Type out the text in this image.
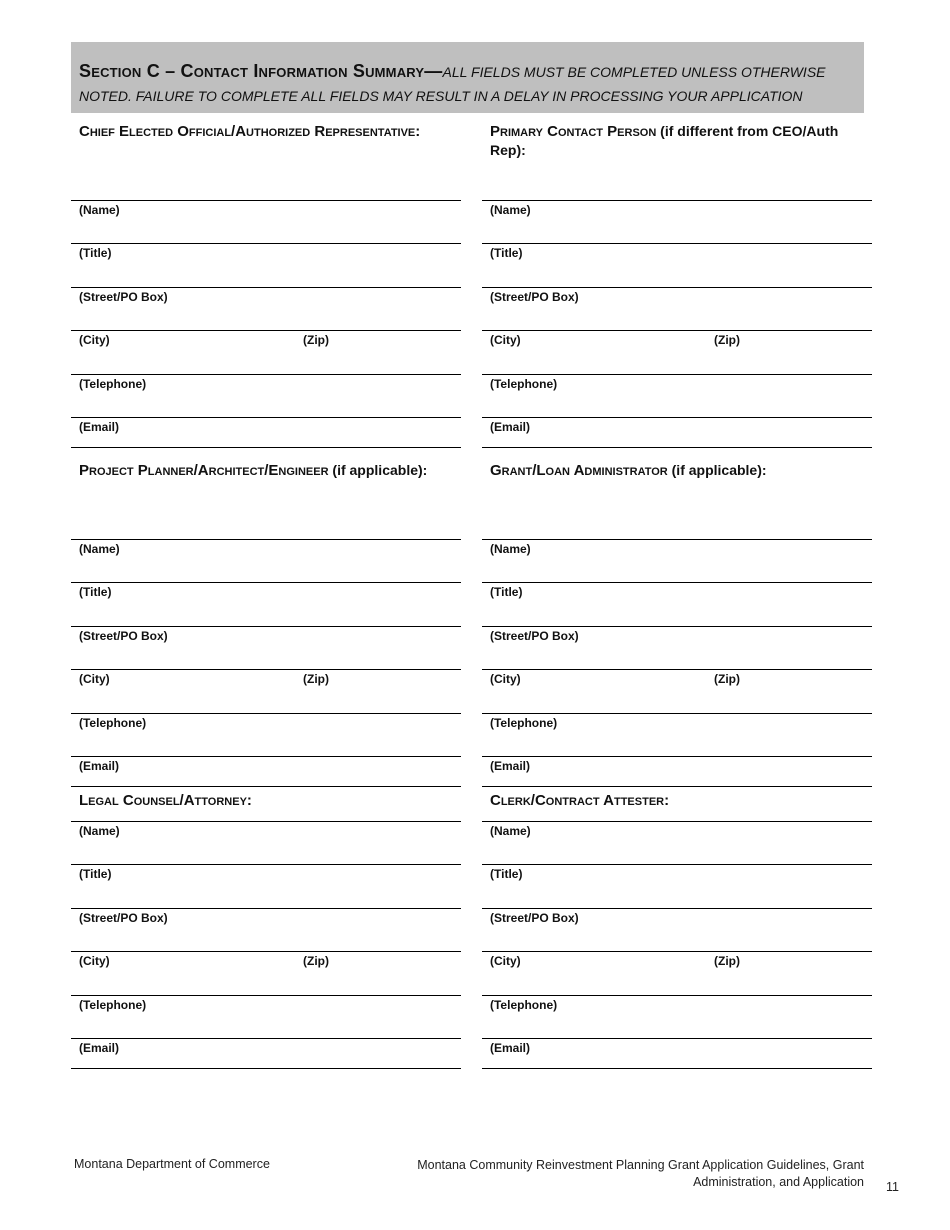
Section C – Contact Information Summary—ALL FIELDS MUST BE COMPLETED UNLESS OTHERWISE
NOTED. FAILURE TO COMPLETE ALL FIELDS MAY RESULT IN A DELAY IN PROCESSING YOUR APPLICATION
Chief Elected Official/Authorized Representative:
(Name)
(Title)
(Street/PO Box)
(City)	(Zip)
(Telephone)
(Email)
Primary Contact Person (if different from CEO/Auth Rep):
(Name)
(Title)
(Street/PO Box)
(City)	(Zip)
(Telephone)
(Email)
Project Planner/Architect/Engineer (if applicable):
(Name)
(Title)
(Street/PO Box)
(City)	(Zip)
(Telephone)
(Email)
Grant/Loan Administrator (if applicable):
(Name)
(Title)
(Street/PO Box)
(City)	(Zip)
(Telephone)
(Email)
Legal Counsel/Attorney:
(Name)
(Title)
(Street/PO Box)
(City)	(Zip)
(Telephone)
(Email)
Clerk/Contract Attester:
(Name)
(Title)
(Street/PO Box)
(City)	(Zip)
(Telephone)
(Email)
Montana Department of Commerce	Montana Community Reinvestment Planning Grant Application Guidelines, Grant Administration, and Application 11
